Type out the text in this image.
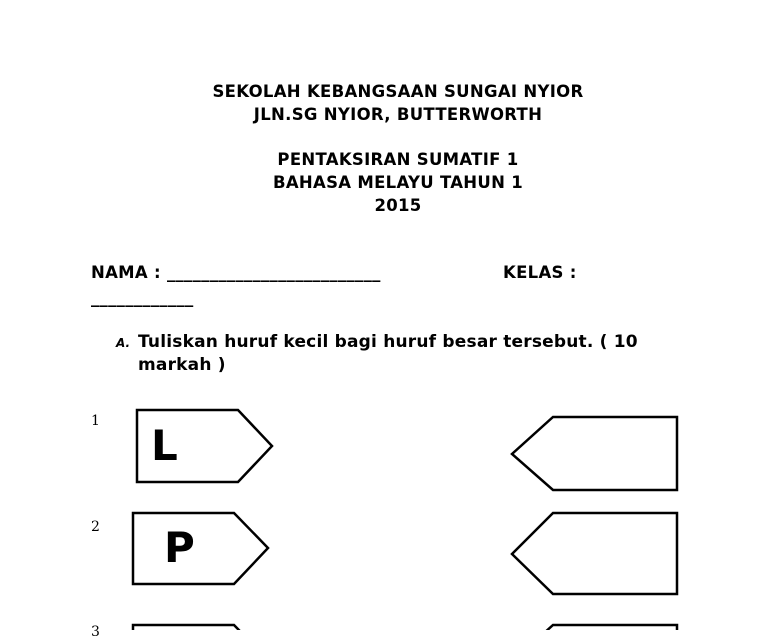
SEKOLAH KEBANGSAAN SUNGAI NYIOR
JLN.SG NYIOR, BUTTERWORTH
PENTAKSIRAN SUMATIF 1
BAHASA MELAYU TAHUN 1
2015
NAMA : _________________________	KELAS :
____________
A. Tuliskan huruf kecil bagi huruf besar tersebut. ( 10 markah )
1
2
3
L
P
